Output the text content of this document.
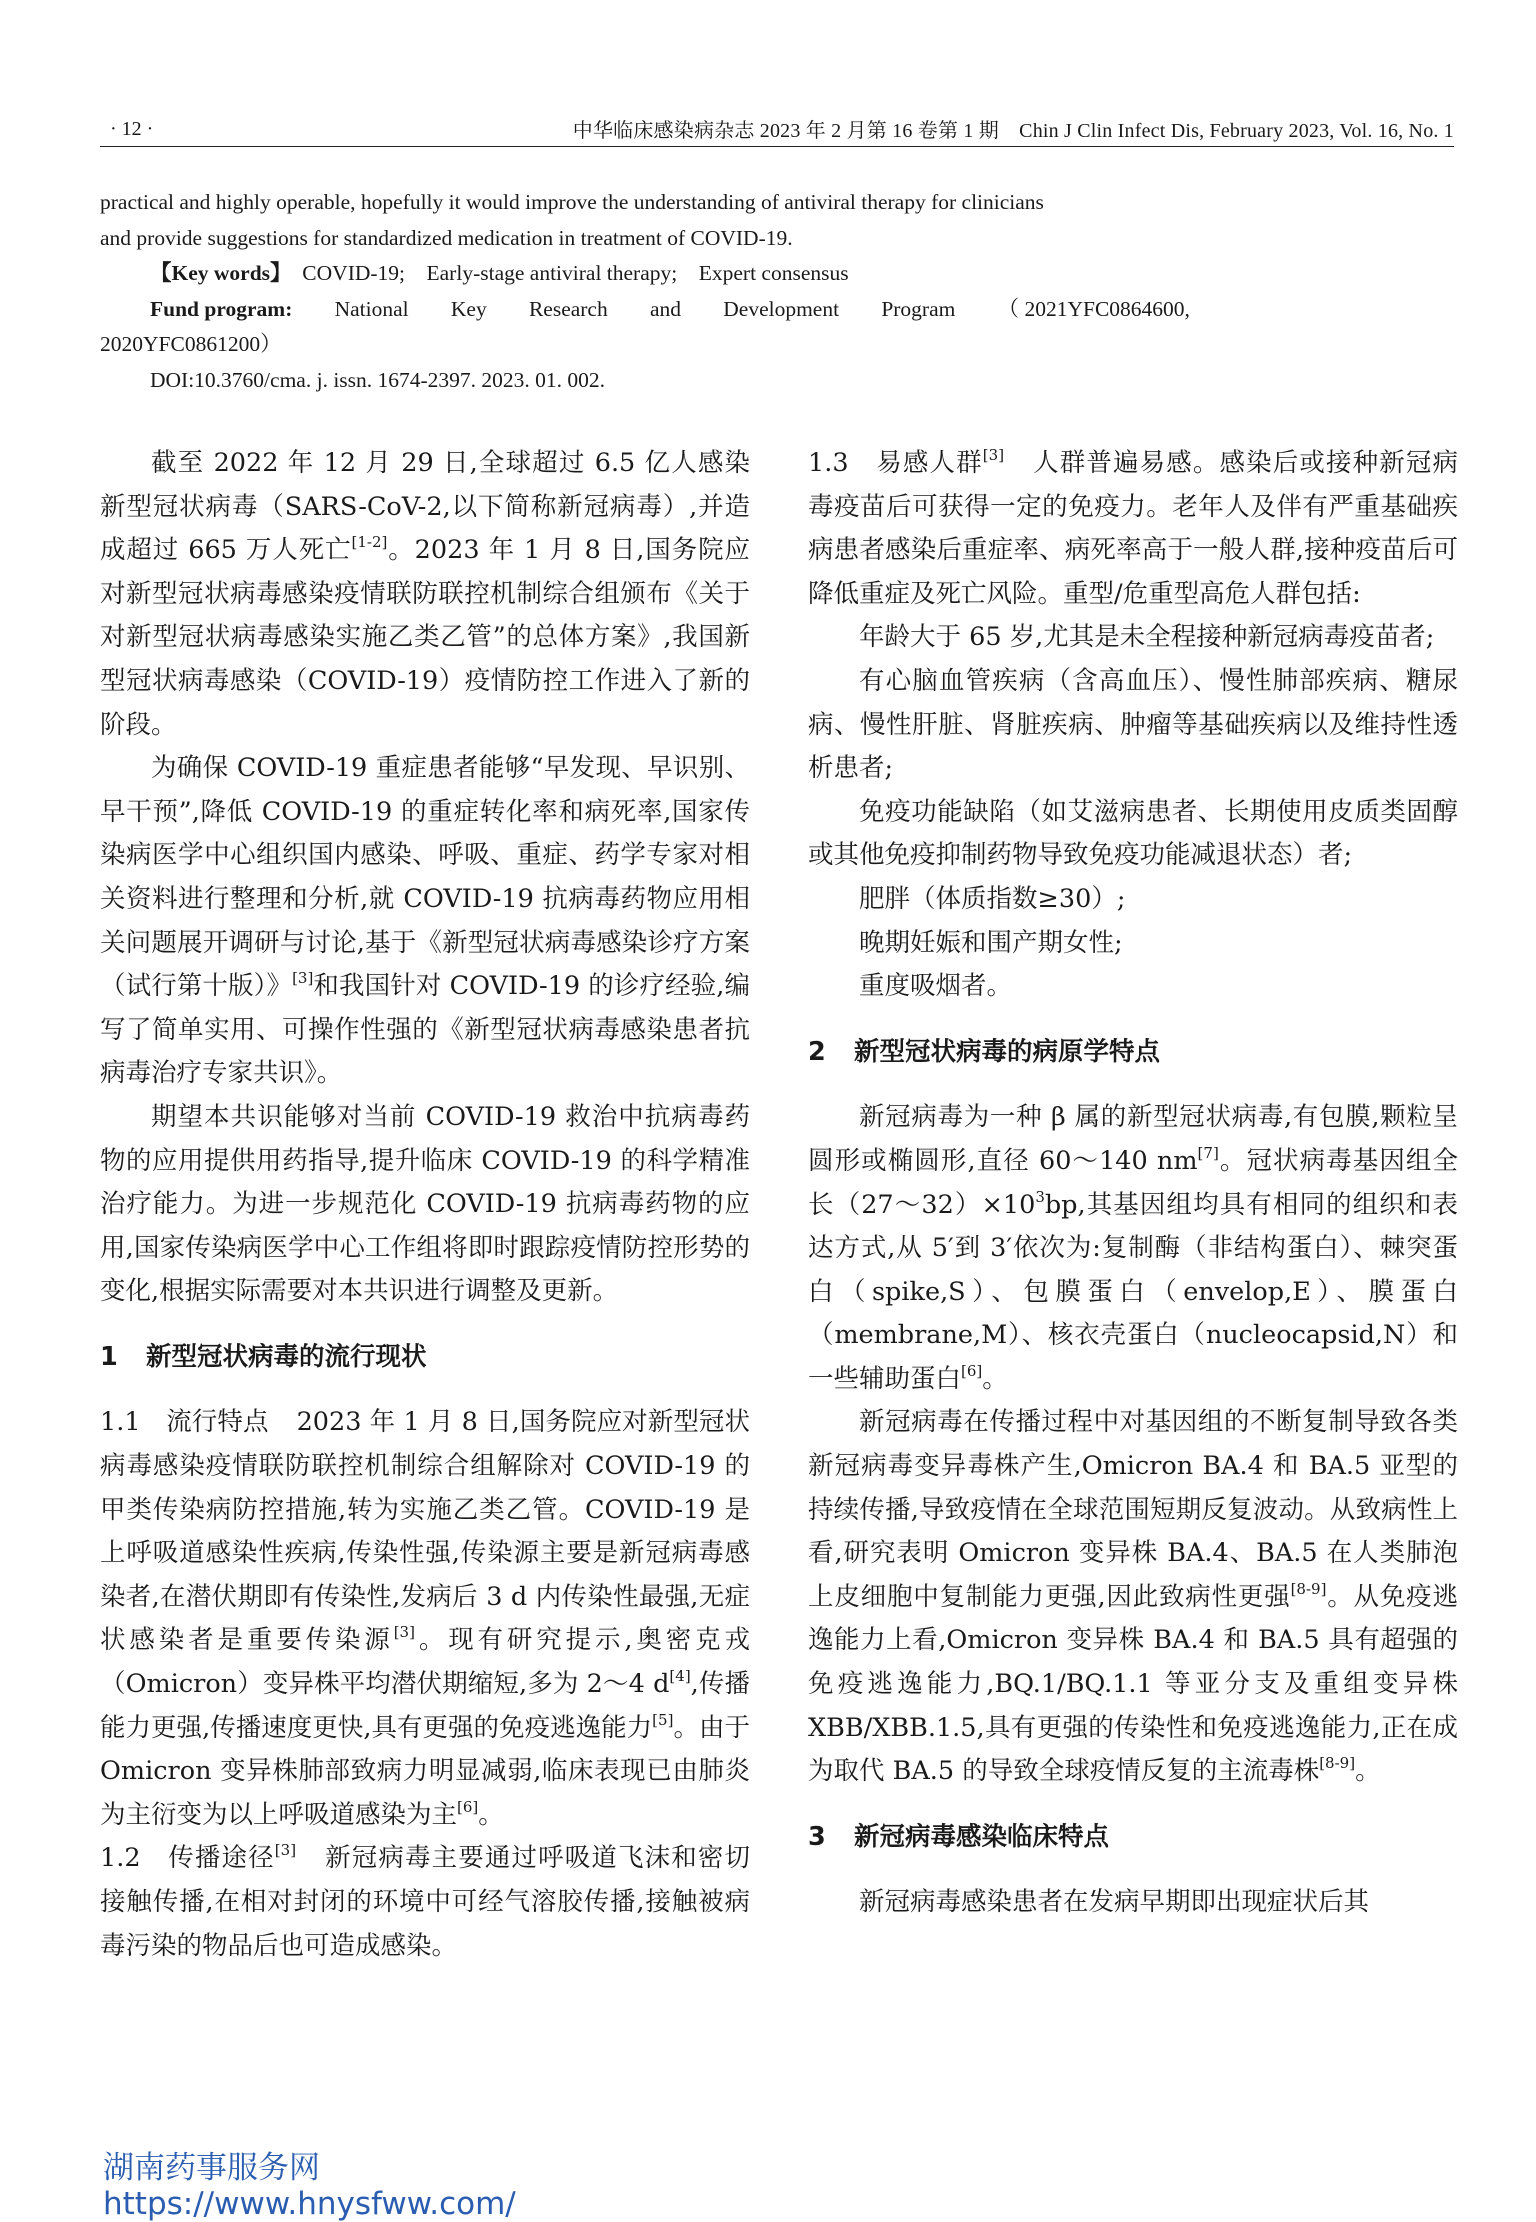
· 12 ·	中华临床感染病杂志 2023 年 2 月第 16 卷第 1 期　Chin J Clin Infect Dis, February 2023, Vol. 16, No. 1

practical and highly operable, hopefully it would improve the understanding of antiviral therapy for clinicians

and provide suggestions for standardized medication in treatment of COVID-19.

【Key words】 COVID-19;　Early-stage antiviral therapy;　Expert consensus

Fund program: National Key Research and Development Program （ 2021YFC0864600,

2020YFC0861200）

DOI:10.3760/cma. j. issn. 1674-2397. 2023. 01. 002.

截至 2022 年 12 月 29 日,全球超过 6.5 亿人感染新型冠状病毒（SARS-CoV-2,以下简称新冠病毒）,并造成超过 665 万人死亡[1-2]。2023 年 1 月 8 日,国务院应对新型冠状病毒感染疫情联防联控机制综合组颁布《关于对新型冠状病毒感染实施乙类乙管”的总体方案》,我国新型冠状病毒感染（COVID-19）疫情防控工作进入了新的阶段。

为确保 COVID-19 重症患者能够“早发现、早识别、早干预”,降低 COVID-19 的重症转化率和病死率,国家传染病医学中心组织国内感染、呼吸、重症、药学专家对相关资料进行整理和分析,就 COVID-19 抗病毒药物应用相关问题展开调研与讨论,基于《新型冠状病毒感染诊疗方案（试行第十版）》[3]和我国针对 COVID-19 的诊疗经验,编写了简单实用、可操作性强的《新型冠状病毒感染患者抗病毒治疗专家共识》。

期望本共识能够对当前 COVID-19 救治中抗病毒药物的应用提供用药指导,提升临床 COVID-19 的科学精准治疗能力。为进一步规范化 COVID-19 抗病毒药物的应用,国家传染病医学中心工作组将即时跟踪疫情防控形势的变化,根据实际需要对本共识进行调整及更新。

1 新型冠状病毒的流行现状

1.1　流行特点 2023 年 1 月 8 日,国务院应对新型冠状病毒感染疫情联防联控机制综合组解除对 COVID-19 的甲类传染病防控措施,转为实施乙类乙管。COVID-19 是上呼吸道感染性疾病,传染性强,传染源主要是新冠病毒感染者,在潜伏期即有传染性,发病后 3 d 内传染性最强,无症状感染者是重要传染源[3]。现有研究提示,奥密克戎（Omicron）变异株平均潜伏期缩短,多为 2～4 d[4],传播能力更强,传播速度更快,具有更强的免疫逃逸能力[5]。由于 Omicron 变异株肺部致病力明显减弱,临床表现已由肺炎为主衍变为以上呼吸道感染为主[6]。

1.2　传播途径[3] 新冠病毒主要通过呼吸道飞沫和密切接触传播,在相对封闭的环境中可经气溶胶传播,接触被病毒污染的物品后也可造成感染。

1.3　易感人群[3] 人群普遍易感。感染后或接种新冠病毒疫苗后可获得一定的免疫力。老年人及伴有严重基础疾病患者感染后重症率、病死率高于一般人群,接种疫苗后可降低重症及死亡风险。重型/危重型高危人群包括:

年龄大于 65 岁,尤其是未全程接种新冠病毒疫苗者;

有心脑血管疾病（含高血压）、慢性肺部疾病、糖尿病、慢性肝脏、肾脏疾病、肿瘤等基础疾病以及维持性透析患者;

免疫功能缺陷（如艾滋病患者、长期使用皮质类固醇或其他免疫抑制药物导致免疫功能减退状态）者;

肥胖（体质指数≥30）;

晚期妊娠和围产期女性;

重度吸烟者。

2 新型冠状病毒的病原学特点

新冠病毒为一种 β 属的新型冠状病毒,有包膜,颗粒呈圆形或椭圆形,直径 60～140 nm[7]。冠状病毒基因组全长$(27\sim 32)\times 10^3bp$,其基因组均具有相同的组织和表达方式,从 5′到 3′依次为:复制酶（非结构蛋白）、棘突蛋白（spike,S）、包膜蛋白（envelop,E）、膜蛋白（membrane,M）、核衣壳蛋白（nucleocapsid,N）和一些辅助蛋白[6]。

新冠病毒在传播过程中对基因组的不断复制导致各类新冠病毒变异毒株产生,Omicron BA.4 和 BA.5 亚型的持续传播,导致疫情在全球范围短期反复波动。从致病性上看,研究表明 Omicron 变异株 BA.4、BA.5 在人类肺泡上皮细胞中复制能力更强,因此致病性更强[8-9]。从免疫逃逸能力上看,Omicron 变异株 BA.4 和 BA.5 具有超强的免疫逃逸能力,BQ.1/BQ.1.1 等亚分支及重组变异株 XBB/XBB.1.5,具有更强的传染性和免疫逃逸能力,正在成为取代 BA.5 的导致全球疫情反复的主流毒株[8-9]。

3 新冠病毒感染临床特点

新冠病毒感染患者在发病早期即出现症状后其

湖南药事服务网
https://www.hnysfww.com/
